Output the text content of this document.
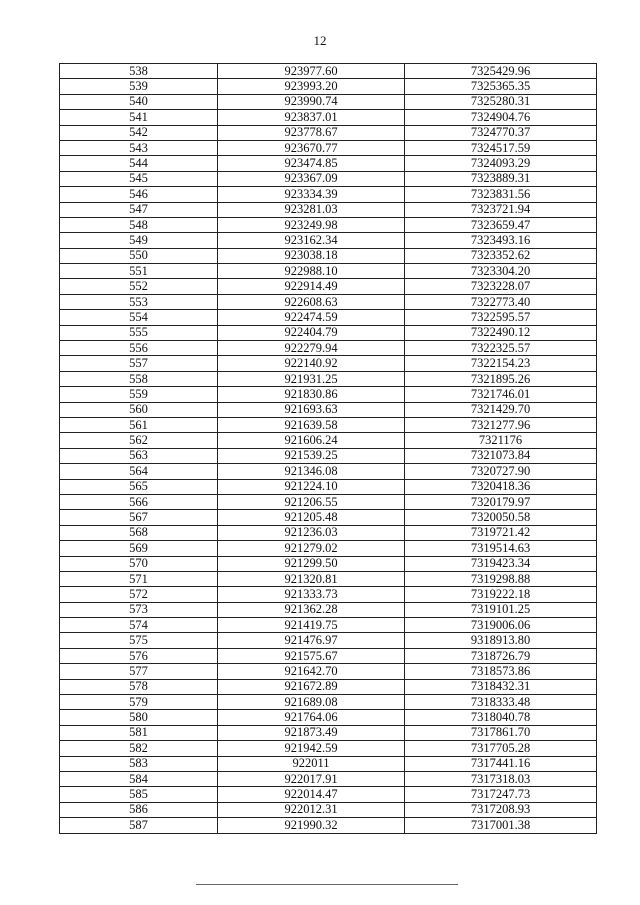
12
538	923977.60	7325429.96
539	923993.20	7325365.35
540	923990.74	7325280.31
541	923837.01	7324904.76
542	923778.67	7324770.37
543	923670.77	7324517.59
544	923474.85	7324093.29
545	923367.09	7323889.31
546	923334.39	7323831.56
547	923281.03	7323721.94
548	923249.98	7323659.47
549	923162.34	7323493.16
550	923038.18	7323352.62
551	922988.10	7323304.20
552	922914.49	7323228.07
553	922608.63	7322773.40
554	922474.59	7322595.57
555	922404.79	7322490.12
556	922279.94	7322325.57
557	922140.92	7322154.23
558	921931.25	7321895.26
559	921830.86	7321746.01
560	921693.63	7321429.70
561	921639.58	7321277.96
562	921606.24	7321176
563	921539.25	7321073.84
564	921346.08	7320727.90
565	921224.10	7320418.36
566	921206.55	7320179.97
567	921205.48	7320050.58
568	921236.03	7319721.42
569	921279.02	7319514.63
570	921299.50	7319423.34
571	921320.81	7319298.88
572	921333.73	7319222.18
573	921362.28	7319101.25
574	921419.75	7319006.06
575	921476.97	9318913.80
576	921575.67	7318726.79
577	921642.70	7318573.86
578	921672.89	7318432.31
579	921689.08	7318333.48
580	921764.06	7318040.78
581	921873.49	7317861.70
582	921942.59	7317705.28
583	922011	7317441.16
584	922017.91	7317318.03
585	922014.47	7317247.73
586	922012.31	7317208.93
587	921990.32	7317001.38
